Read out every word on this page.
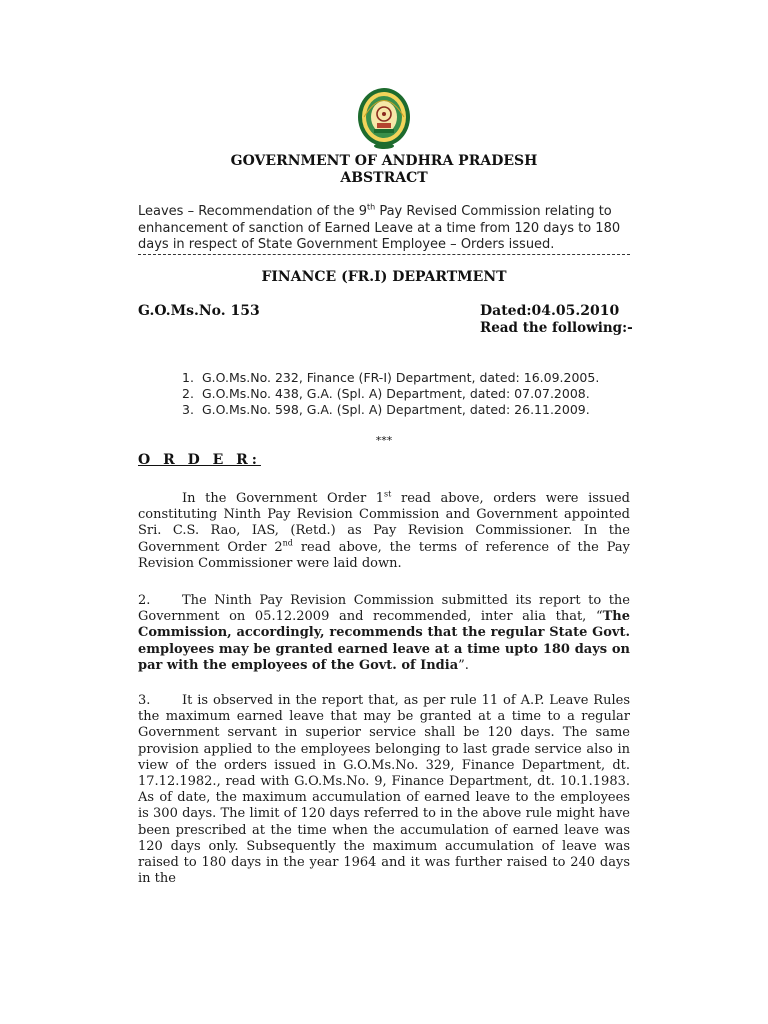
GOVERNMENT OF ANDHRA PRADESH
ABSTRACT
Leaves – Recommendation of the 9th Pay Revised Commission relating to enhancement of sanction of Earned Leave at a time from 120 days to 180 days in respect of State Government Employee – Orders issued.
FINANCE (FR.I) DEPARTMENT
G.O.Ms.No. 153	Dated:04.05.2010
Read the following:-
1. G.O.Ms.No. 232, Finance (FR-I) Department, dated: 16.09.2005.
2. G.O.Ms.No. 438, G.A. (Spl. A) Department, dated: 07.07.2008.
3. G.O.Ms.No. 598, G.A. (Spl. A) Department, dated: 26.11.2009.
***
O R D E R:

In the Government Order 1st read above, orders were issued constituting Ninth Pay Revision Commission and Government appointed Sri. C.S. Rao, IAS, (Retd.) as Pay Revision Commissioner. In the Government Order 2nd read above, the terms of reference of the Pay Revision Commissioner were laid down.

2. The Ninth Pay Revision Commission submitted its report to the Government on 05.12.2009 and recommended, inter alia that, “The Commission, accordingly, recommends that the regular State Govt. employees may be granted earned leave at a time upto 180 days on par with the employees of the Govt. of India”.

3. It is observed in the report that, as per rule 11 of A.P. Leave Rules the maximum earned leave that may be granted at a time to a regular Government servant in superior service shall be 120 days. The same provision applied to the employees belonging to last grade service also in view of the orders issued in G.O.Ms.No. 329, Finance Department, dt. 17.12.1982., read with G.O.Ms.No. 9, Finance Department, dt. 10.1.1983. As of date, the maximum accumulation of earned leave to the employees is 300 days. The limit of 120 days referred to in the above rule might have been prescribed at the time when the accumulation of earned leave was 120 days only. Subsequently the maximum accumulation of leave was raised to 180 days in the year 1964 and it was further raised to 240 days in the
